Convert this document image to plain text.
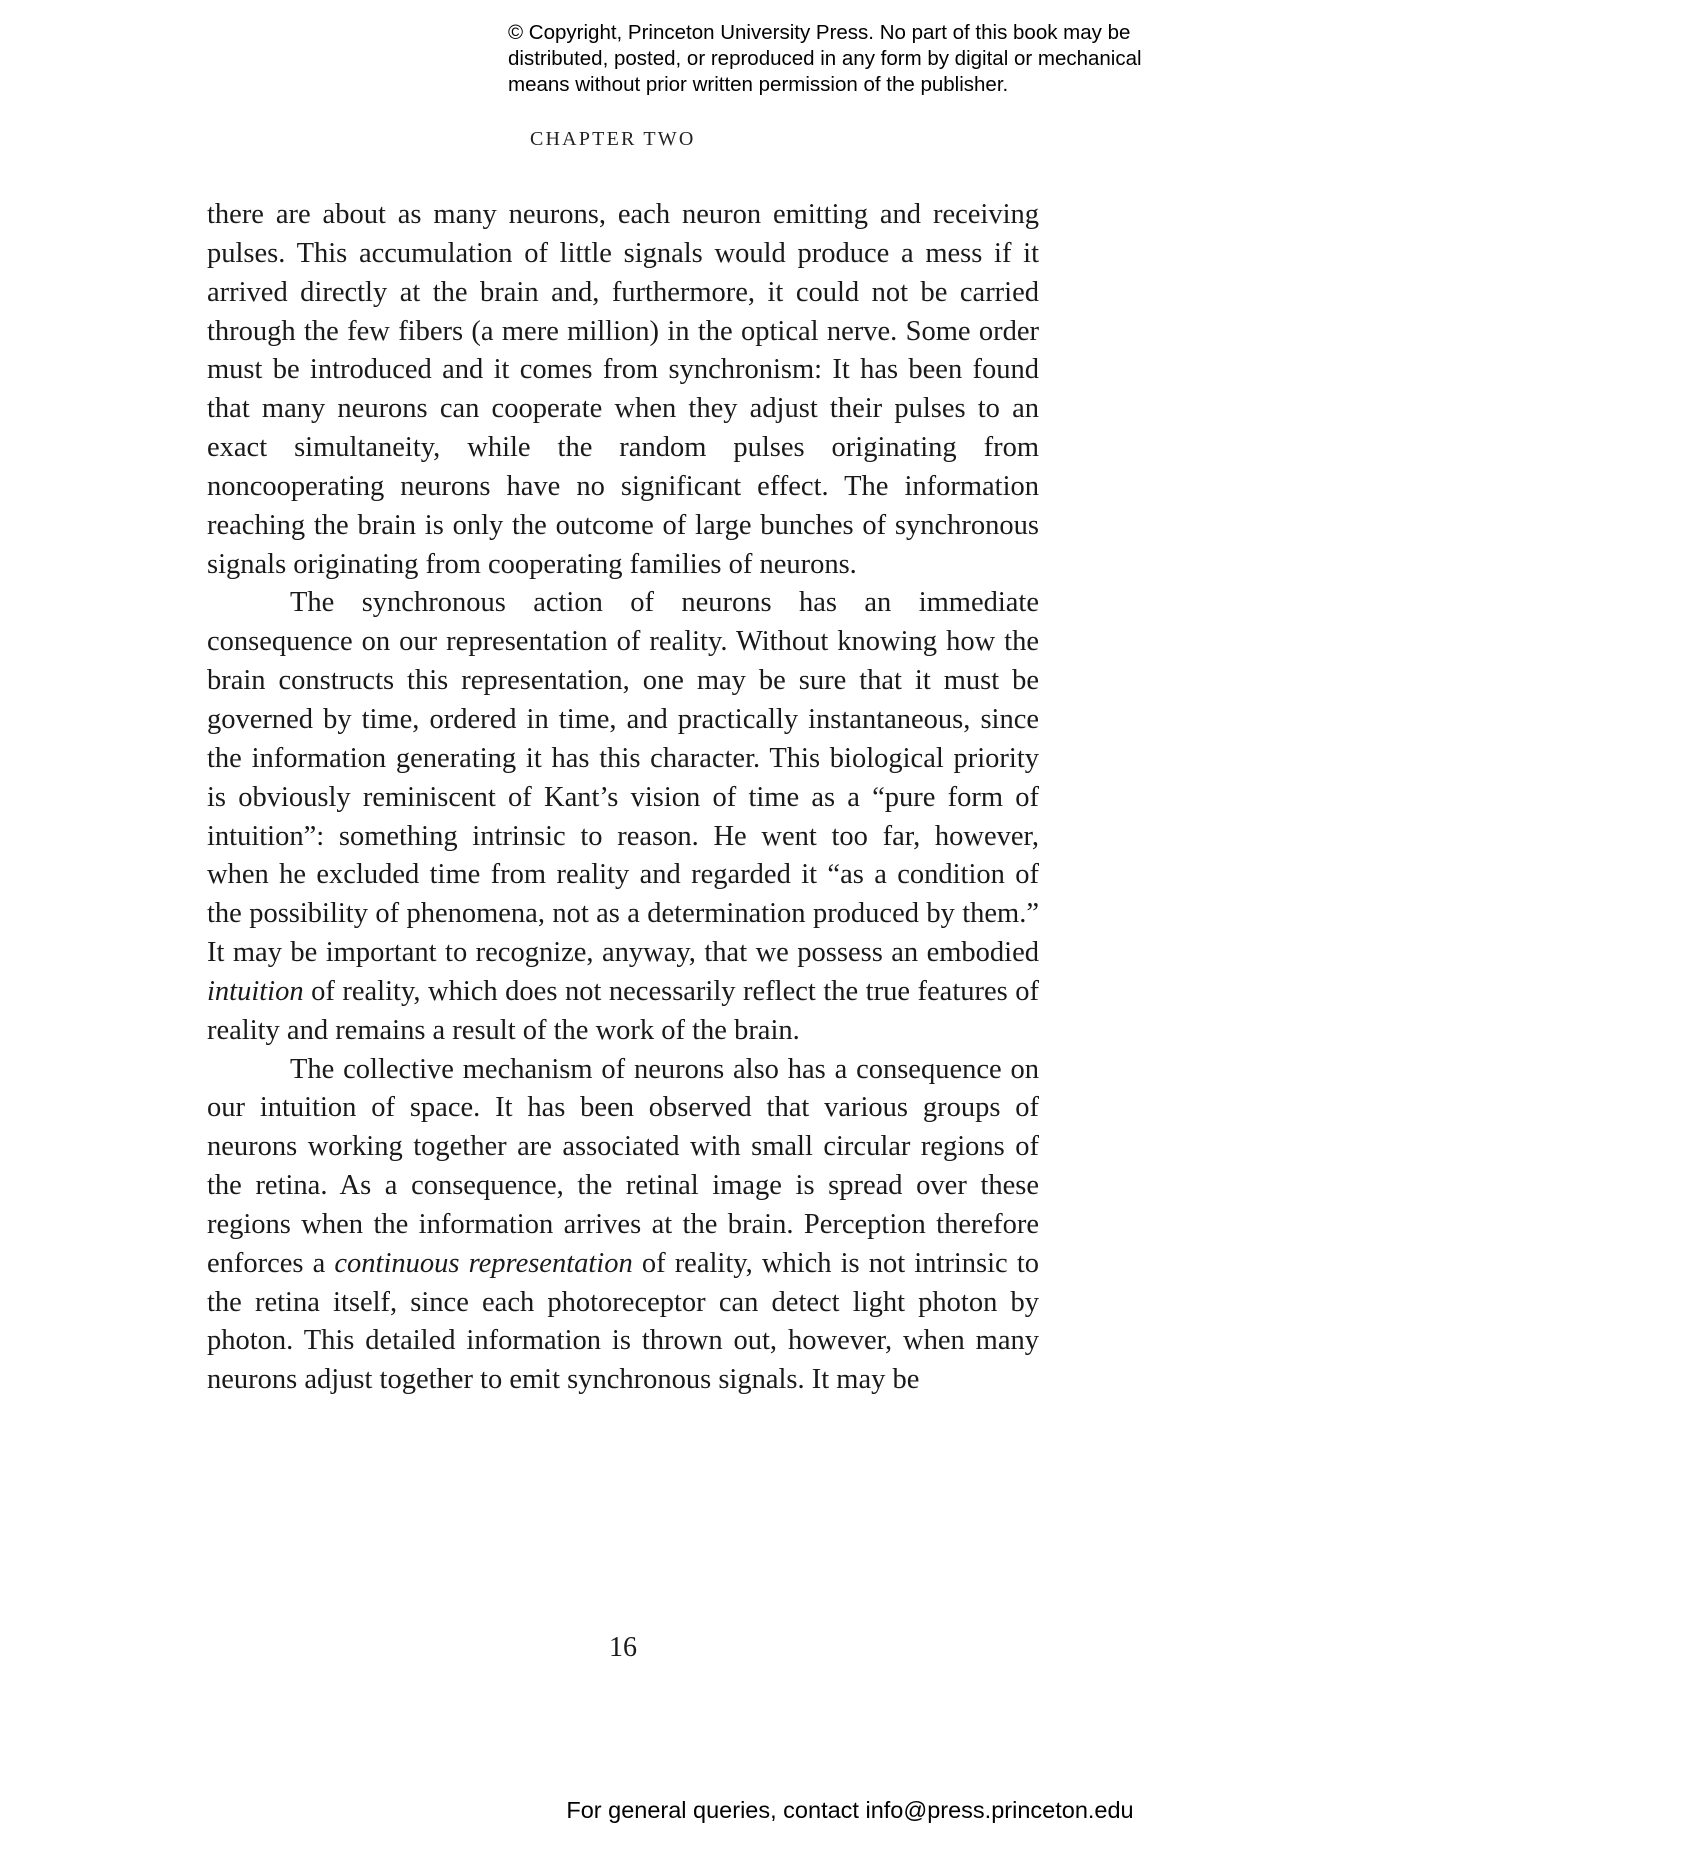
© Copyright, Princeton University Press. No part of this book may be
distributed, posted, or reproduced in any form by digital or mechanical
means without prior written permission of the publisher.
CHAPTER TWO

there are about as many neurons, each neuron emitting and receiving pulses. This accumulation of little signals would produce a mess if it arrived directly at the brain and, furthermore, it could not be carried through the few fibers (a mere million) in the optical nerve. Some order must be introduced and it comes from synchronism: It has been found that many neurons can cooperate when they adjust their pulses to an exact simultaneity, while the random pulses originating from noncooperating neurons have no significant effect. The information reaching the brain is only the outcome of large bunches of synchronous signals originating from cooperating families of neurons.

The synchronous action of neurons has an immediate consequence on our representation of reality. Without knowing how the brain constructs this representation, one may be sure that it must be governed by time, ordered in time, and practically instantaneous, since the information generating it has this character. This biological priority is obviously reminiscent of Kant’s vision of time as a “pure form of intuition”: something intrinsic to reason. He went too far, however, when he excluded time from reality and regarded it “as a condition of the possibility of phenomena, not as a determination produced by them.” It may be important to recognize, anyway, that we possess an embodied intuition of reality, which does not necessarily reflect the true features of reality and remains a result of the work of the brain.

The collective mechanism of neurons also has a consequence on our intuition of space. It has been observed that various groups of neurons working together are associated with small circular regions of the retina. As a consequence, the retinal image is spread over these regions when the information arrives at the brain. Perception therefore enforces a continuous representation of reality, which is not intrinsic to the retina itself, since each photoreceptor can detect light photon by photon. This detailed information is thrown out, however, when many neurons adjust together to emit synchronous signals. It may be

16
For general queries, contact info@press.princeton.edu
